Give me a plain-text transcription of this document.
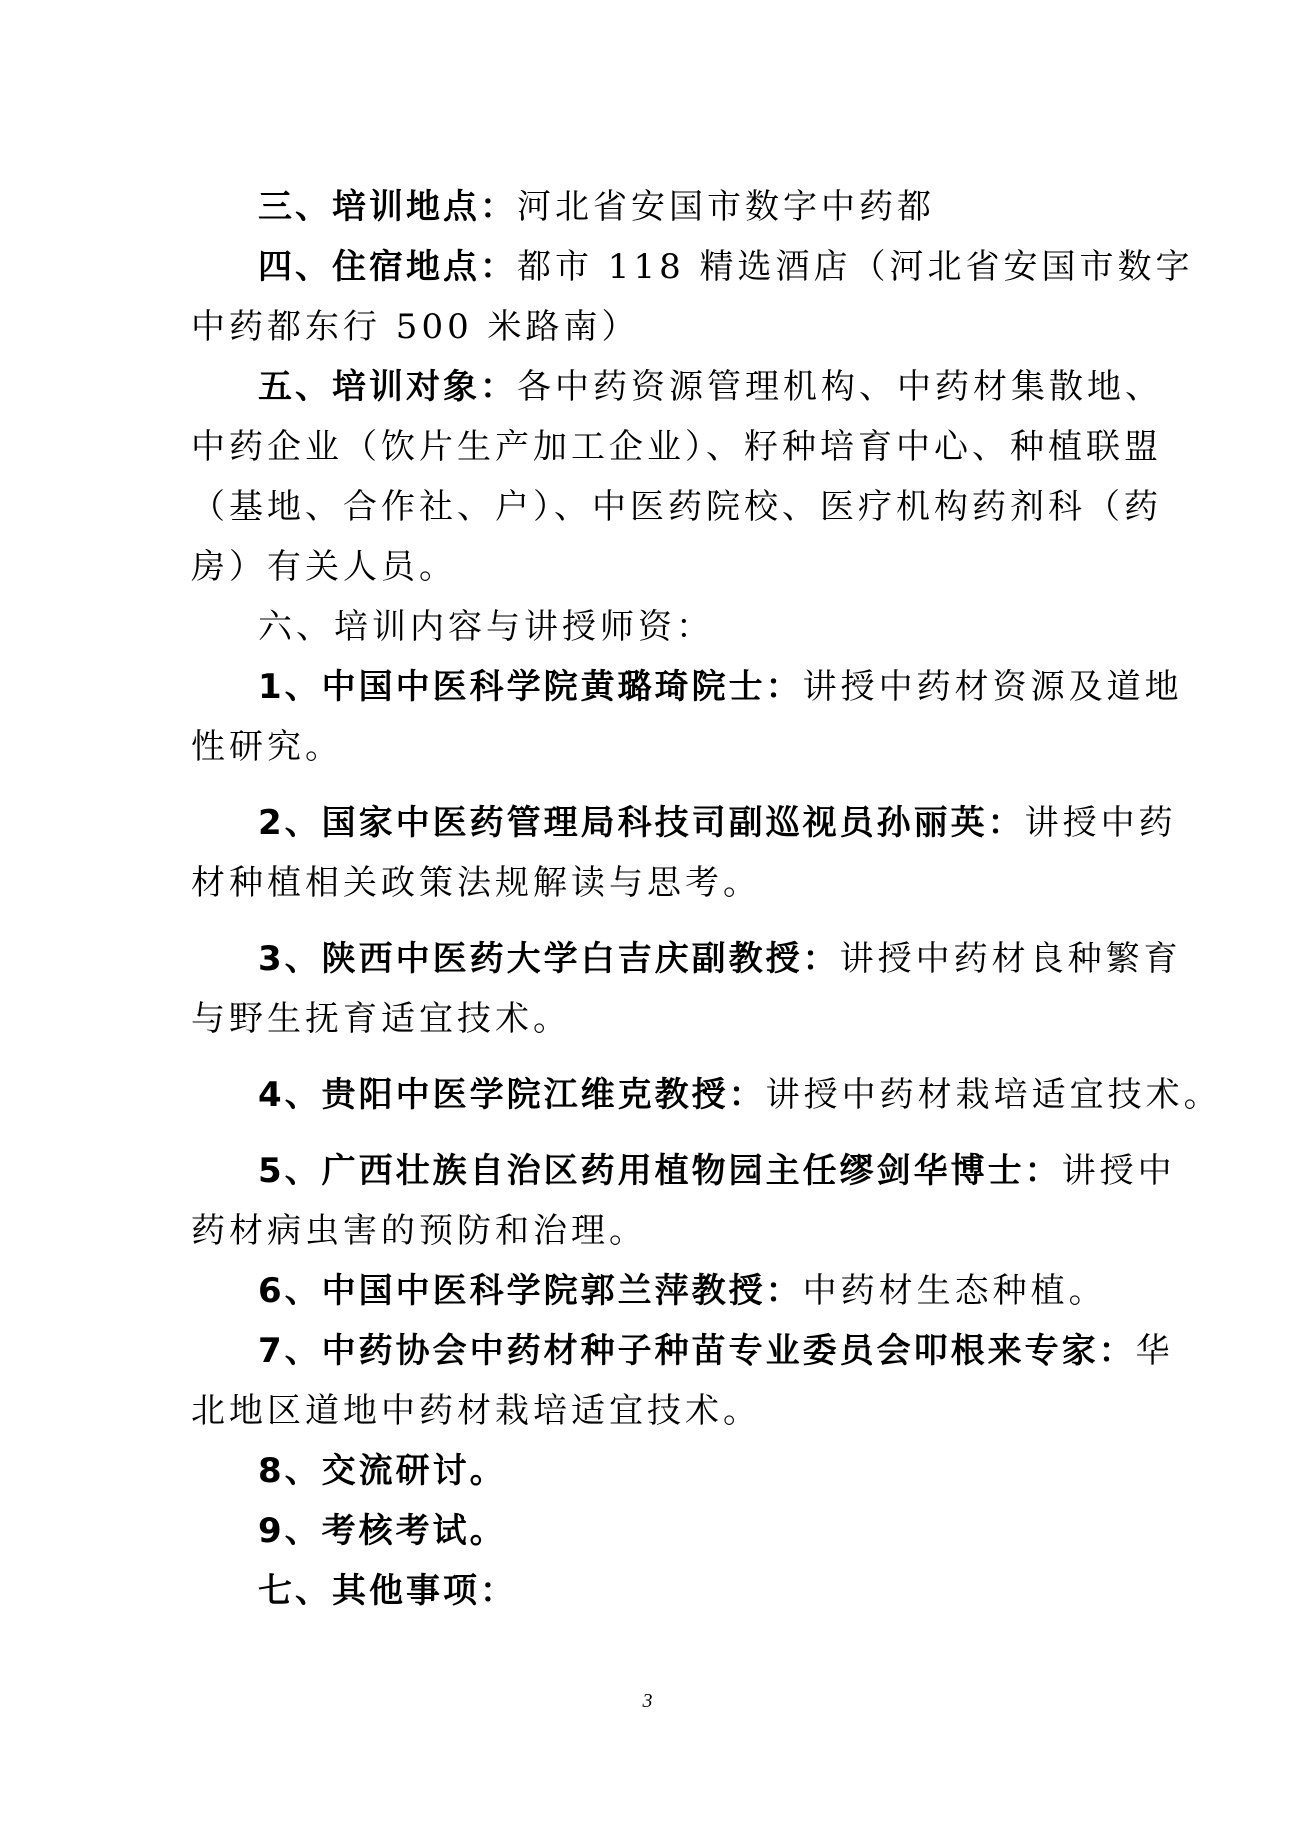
三、培训地点：河北省安国市数字中药都
四、住宿地点：都市 118 精选酒店（河北省安国市数字
中药都东行 500 米路南）
五、培训对象：各中药资源管理机构、中药材集散地、
中药企业（饮片生产加工企业）、籽种培育中心、种植联盟
（基地、合作社、户）、中医药院校、医疗机构药剂科（药
房）有关人员。
六、培训内容与讲授师资：
1、中国中医科学院黄璐琦院士：讲授中药材资源及道地
性研究。
2、国家中医药管理局科技司副巡视员孙丽英：讲授中药
材种植相关政策法规解读与思考。
3、陕西中医药大学白吉庆副教授：讲授中药材良种繁育
与野生抚育适宜技术。
4、贵阳中医学院江维克教授：讲授中药材栽培适宜技术。
5、广西壮族自治区药用植物园主任缪剑华博士：讲授中
药材病虫害的预防和治理。
6、中国中医科学院郭兰萍教授：中药材生态种植。
7、中药协会中药材种子种苗专业委员会叩根来专家：华
北地区道地中药材栽培适宜技术。
8、交流研讨。
9、考核考试。
七、其他事项：
3
